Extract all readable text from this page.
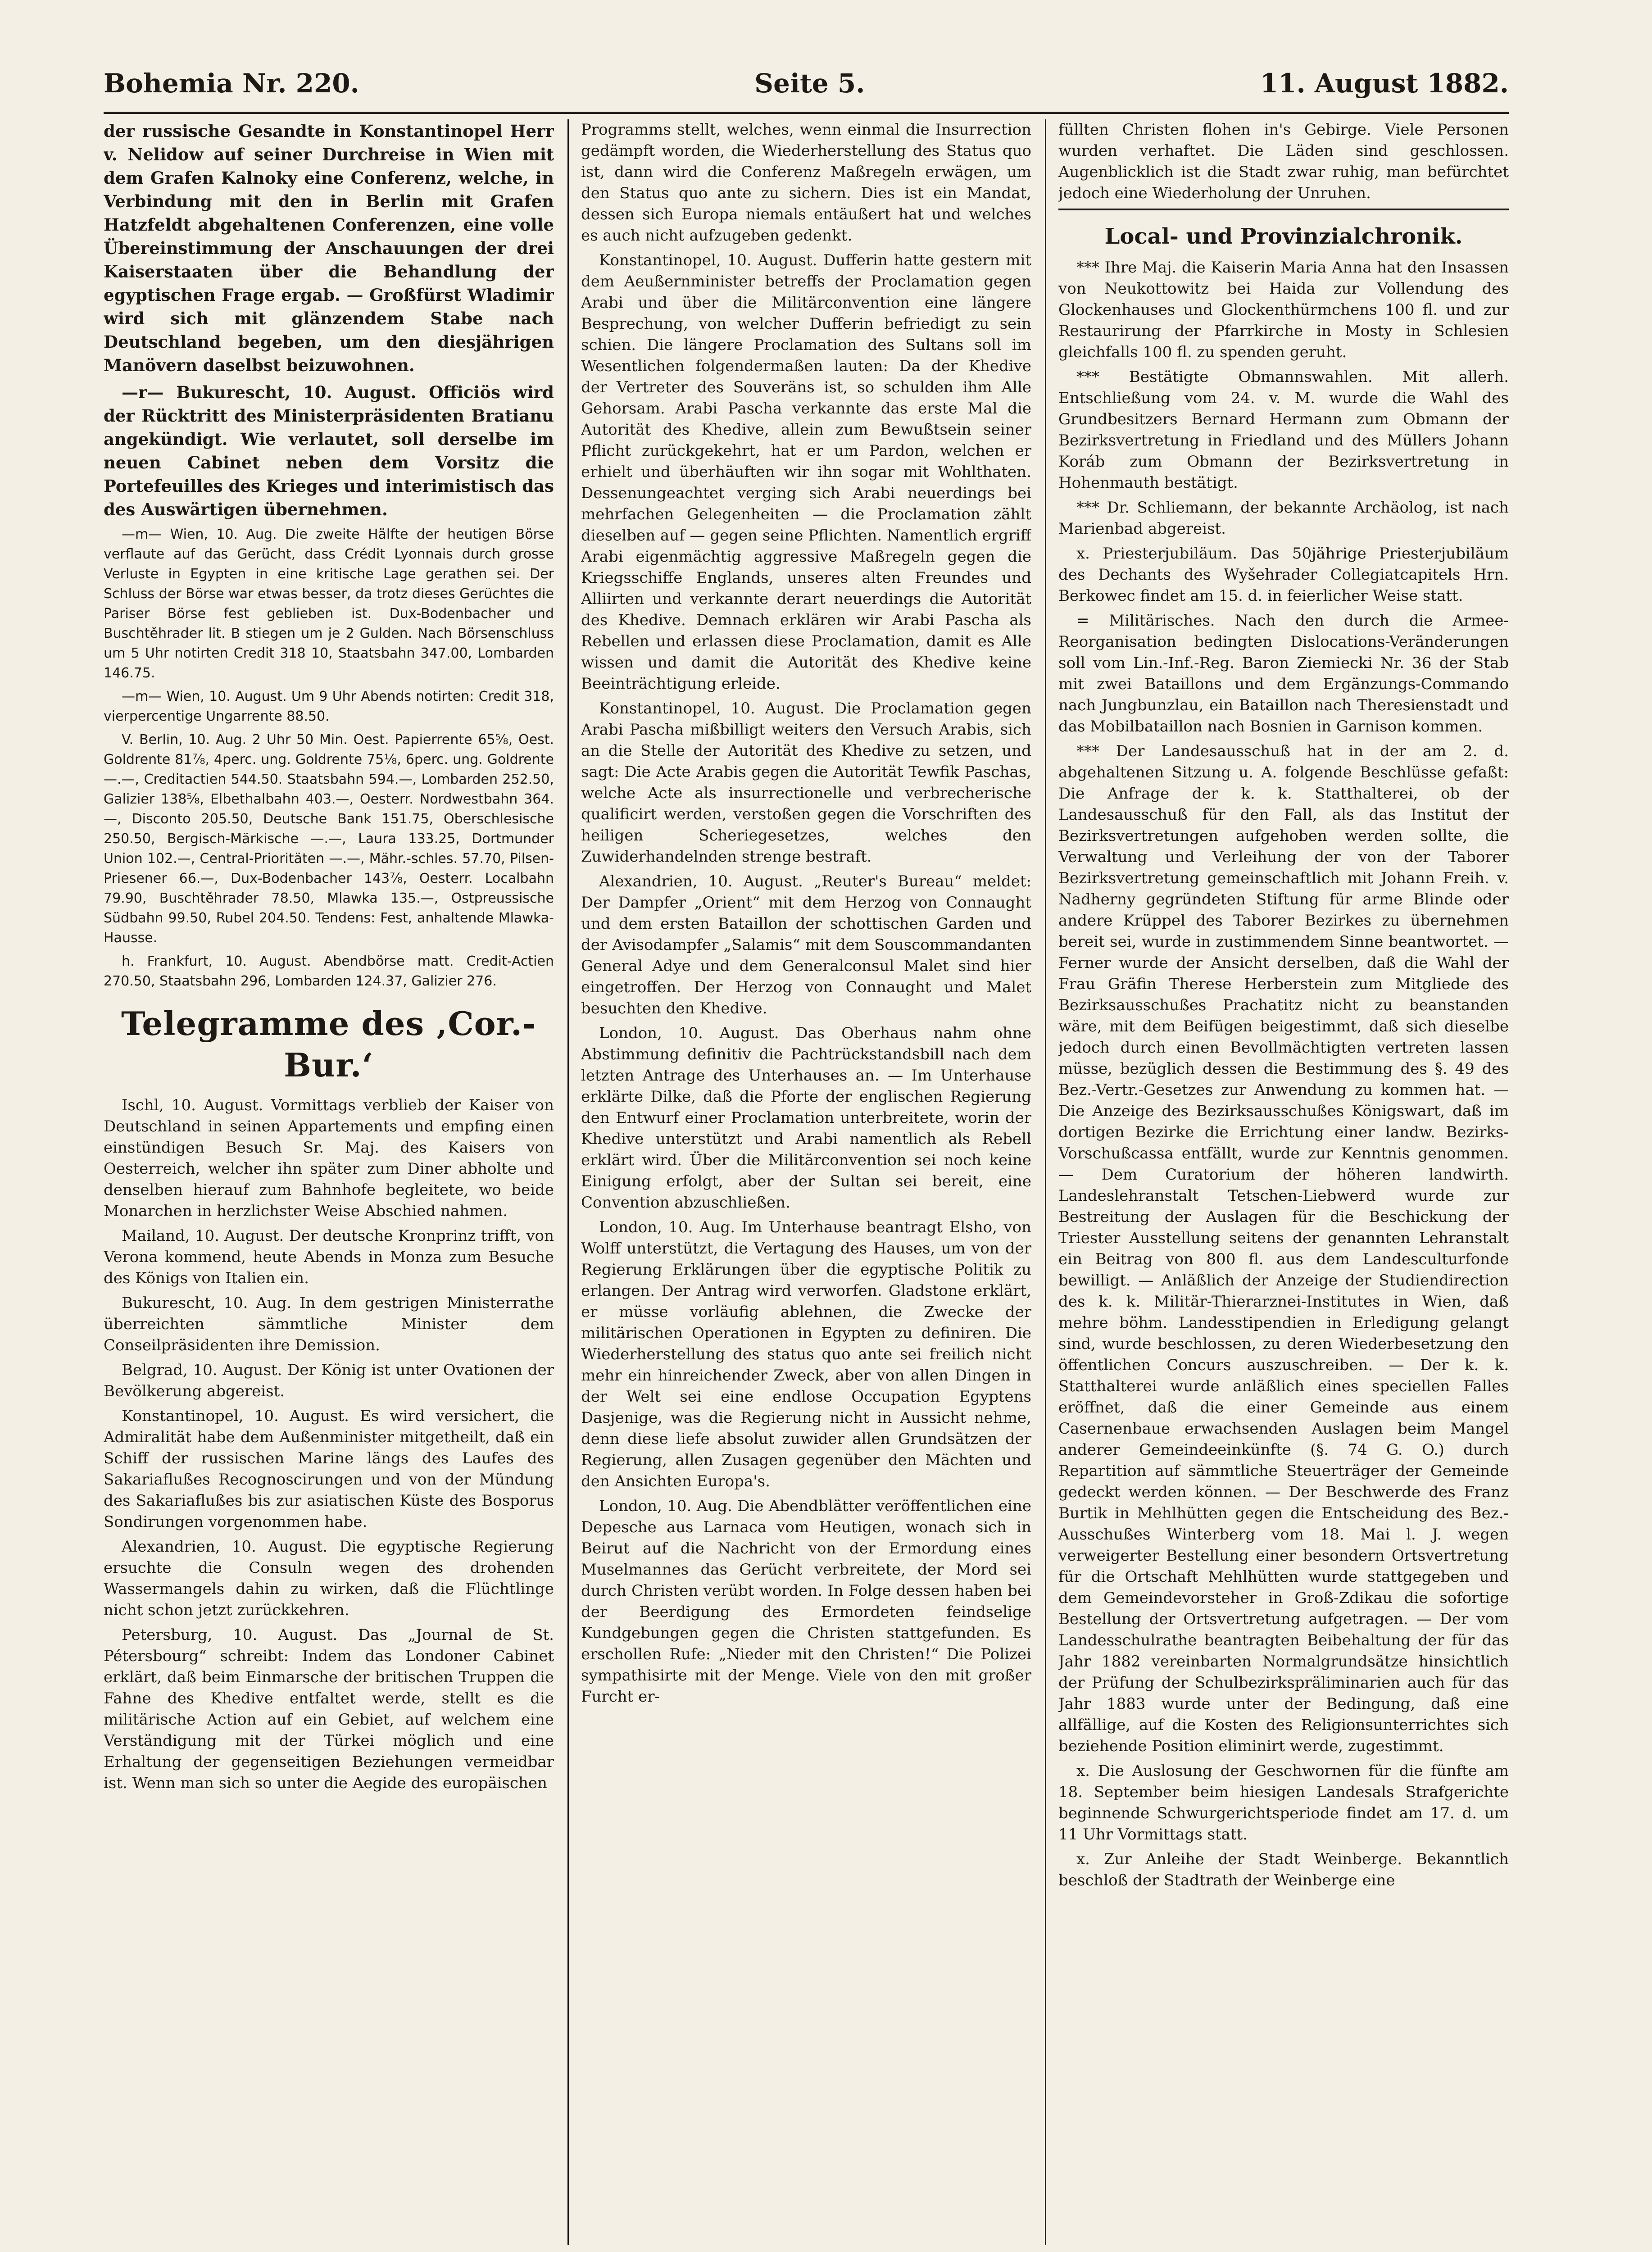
Bohemia Nr. 220.	Seite 5.	11. August 1882.

der russische Gesandte in Konstantinopel Herr v. Nelidow auf seiner Durchreise in Wien mit dem Grafen Kalnoky eine Conferenz, welche, in Verbindung mit den in Berlin mit Grafen Hatzfeldt abgehaltenen Conferenzen, eine volle Übereinstimmung der Anschauungen der drei Kaiserstaaten über die Behandlung der egyptischen Frage ergab. — Großfürst Wladimir wird sich mit glänzendem Stabe nach Deutschland begeben, um den diesjährigen Manövern daselbst beizuwohnen.

—r— Bukurescht, 10. August. Officiös wird der Rücktritt des Ministerpräsidenten Bratianu angekündigt. Wie verlautet, soll derselbe im neuen Cabinet neben dem Vorsitz die Portefeuilles des Krieges und interimistisch das des Auswärtigen übernehmen.

—m— Wien, 10. Aug. Die zweite Hälfte der heutigen Börse verflaute auf das Gerücht, dass Crédit Lyonnais durch grosse Verluste in Egypten in eine kritische Lage gerathen sei. Der Schluss der Börse war etwas besser, da trotz dieses Gerüchtes die Pariser Börse fest geblieben ist. Dux-Bodenbacher und Buschtěhrader lit. B stiegen um je 2 Gulden. Nach Börsenschluss um 5 Uhr notirten Credit 318 10, Staatsbahn 347.00, Lombarden 146.75.

—m— Wien, 10. August. Um 9 Uhr Abends notirten: Credit 318, vierpercentige Ungarrente 88.50.

V. Berlin, 10. Aug. 2 Uhr 50 Min. Oest. Papierrente 65⅝, Oest. Goldrente 81⅞, 4perc. ung. Goldrente 75⅛, 6perc. ung. Goldrente —.—, Creditactien 544.50. Staatsbahn 594.—, Lombarden 252.50, Galizier 138⅝, Elbethalbahn 403.—, Oesterr. Nordwestbahn 364.—, Disconto 205.50, Deutsche Bank 151.75, Oberschlesische 250.50, Bergisch-Märkische —.—, Laura 133.25, Dortmunder Union 102.—, Central-Prioritäten —.—, Mähr.-schles. 57.70, Pilsen-Priesener 66.—, Dux-Bodenbacher 143⅞, Oesterr. Localbahn 79.90, Buschtěhrader 78.50, Mlawka 135.—, Ostpreussische Südbahn 99.50, Rubel 204.50. Tendens: Fest, anhaltende Mlawka-Hausse.

h. Frankfurt, 10. August. Abendbörse matt. Credit-Actien 270.50, Staatsbahn 296, Lombarden 124.37, Galizier 276.

Telegramme des ‚Cor.-Bur.‘

Ischl, 10. August. Vormittags verblieb der Kaiser von Deutschland in seinen Appartements und empfing einen einstündigen Besuch Sr. Maj. des Kaisers von Oesterreich, welcher ihn später zum Diner abholte und denselben hierauf zum Bahnhofe begleitete, wo beide Monarchen in herzlichster Weise Abschied nahmen.

Mailand, 10. August. Der deutsche Kronprinz trifft, von Verona kommend, heute Abends in Monza zum Besuche des Königs von Italien ein.

Bukurescht, 10. Aug. In dem gestrigen Ministerrathe überreichten sämmtliche Minister dem Conseilpräsidenten ihre Demission.

Belgrad, 10. August. Der König ist unter Ovationen der Bevölkerung abgereist.

Konstantinopel, 10. August. Es wird versichert, die Admiralität habe dem Außenminister mitgetheilt, daß ein Schiff der russischen Marine längs des Laufes des Sakariaflußes Recognoscirungen und von der Mündung des Sakariaflußes bis zur asiatischen Küste des Bosporus Sondirungen vorgenommen habe.

Alexandrien, 10. August. Die egyptische Regierung ersuchte die Consuln wegen des drohenden Wassermangels dahin zu wirken, daß die Flüchtlinge nicht schon jetzt zurückkehren.

Petersburg, 10. August. Das „Journal de St. Pétersbourg“ schreibt: Indem das Londoner Cabinet erklärt, daß beim Einmarsche der britischen Truppen die Fahne des Khedive entfaltet werde, stellt es die militärische Action auf ein Gebiet, auf welchem eine Verständigung mit der Türkei möglich und eine Erhaltung der gegenseitigen Beziehungen vermeidbar ist. Wenn man sich so unter die Aegide des europäischen

Programms stellt, welches, wenn einmal die Insurrection gedämpft worden, die Wiederherstellung des Status quo ist, dann wird die Conferenz Maßregeln erwägen, um den Status quo ante zu sichern. Dies ist ein Mandat, dessen sich Europa niemals entäußert hat und welches es auch nicht aufzugeben gedenkt.

Konstantinopel, 10. August. Dufferin hatte gestern mit dem Aeußernminister betreffs der Proclamation gegen Arabi und über die Militärconvention eine längere Besprechung, von welcher Dufferin befriedigt zu sein schien. Die längere Proclamation des Sultans soll im Wesentlichen folgendermaßen lauten: Da der Khedive der Vertreter des Souveräns ist, so schulden ihm Alle Gehorsam. Arabi Pascha verkannte das erste Mal die Autorität des Khedive, allein zum Bewußtsein seiner Pflicht zurückgekehrt, hat er um Pardon, welchen er erhielt und überhäuften wir ihn sogar mit Wohlthaten. Dessenungeachtet verging sich Arabi neuerdings bei mehrfachen Gelegenheiten — die Proclamation zählt dieselben auf — gegen seine Pflichten. Namentlich ergriff Arabi eigenmächtig aggressive Maßregeln gegen die Kriegsschiffe Englands, unseres alten Freundes und Alliirten und verkannte derart neuerdings die Autorität des Khedive. Demnach erklären wir Arabi Pascha als Rebellen und erlassen diese Proclamation, damit es Alle wissen und damit die Autorität des Khedive keine Beeinträchtigung erleide.

Konstantinopel, 10. August. Die Proclamation gegen Arabi Pascha mißbilligt weiters den Versuch Arabis, sich an die Stelle der Autorität des Khedive zu setzen, und sagt: Die Acte Arabis gegen die Autorität Tewfik Paschas, welche Acte als insurrectionelle und verbrecherische qualificirt werden, verstoßen gegen die Vorschriften des heiligen Scheriegesetzes, welches den Zuwiderhandelnden strenge bestraft.

Alexandrien, 10. August. „Reuter's Bureau“ meldet: Der Dampfer „Orient“ mit dem Herzog von Connaught und dem ersten Bataillon der schottischen Garden und der Avisodampfer „Salamis“ mit dem Souscommandanten General Adye und dem Generalconsul Malet sind hier eingetroffen. Der Herzog von Connaught und Malet besuchten den Khedive.

London, 10. August. Das Oberhaus nahm ohne Abstimmung definitiv die Pachtrückstandsbill nach dem letzten Antrage des Unterhauses an. — Im Unterhause erklärte Dilke, daß die Pforte der englischen Regierung den Entwurf einer Proclamation unterbreitete, worin der Khedive unterstützt und Arabi namentlich als Rebell erklärt wird. Über die Militärconvention sei noch keine Einigung erfolgt, aber der Sultan sei bereit, eine Convention abzuschließen.

London, 10. Aug. Im Unterhause beantragt Elsho, von Wolff unterstützt, die Vertagung des Hauses, um von der Regierung Erklärungen über die egyptische Politik zu erlangen. Der Antrag wird verworfen. Gladstone erklärt, er müsse vorläufig ablehnen, die Zwecke der militärischen Operationen in Egypten zu definiren. Die Wiederherstellung des status quo ante sei freilich nicht mehr ein hinreichender Zweck, aber von allen Dingen in der Welt sei eine endlose Occupation Egyptens Dasjenige, was die Regierung nicht in Aussicht nehme, denn diese liefe absolut zuwider allen Grundsätzen der Regierung, allen Zusagen gegenüber den Mächten und den Ansichten Europa's.

London, 10. Aug. Die Abendblätter veröffentlichen eine Depesche aus Larnaca vom Heutigen, wonach sich in Beirut auf die Nachricht von der Ermordung eines Muselmannes das Gerücht verbreitete, der Mord sei durch Christen verübt worden. In Folge dessen haben bei der Beerdigung des Ermordeten feindselige Kundgebungen gegen die Christen stattgefunden. Es erschollen Rufe: „Nieder mit den Christen!“ Die Polizei sympathisirte mit der Menge. Viele von den mit großer Furcht er-

füllten Christen flohen in's Gebirge. Viele Personen wurden verhaftet. Die Läden sind geschlossen. Augenblicklich ist die Stadt zwar ruhig, man befürchtet jedoch eine Wiederholung der Unruhen.

Local- und Provinzialchronik.

*** Ihre Maj. die Kaiserin Maria Anna hat den Insassen von Neukottowitz bei Haida zur Vollendung des Glockenhauses und Glockenthürmchens 100 fl. und zur Restaurirung der Pfarrkirche in Mosty in Schlesien gleichfalls 100 fl. zu spenden geruht.

*** Bestätigte Obmannswahlen. Mit allerh. Entschließung vom 24. v. M. wurde die Wahl des Grundbesitzers Bernard Hermann zum Obmann der Bezirksvertretung in Friedland und des Müllers Johann Koráb zum Obmann der Bezirksvertretung in Hohenmauth bestätigt.

*** Dr. Schliemann, der bekannte Archäolog, ist nach Marienbad abgereist.

x. Priesterjubiläum. Das 50jährige Priesterjubiläum des Dechants des Wyšehrader Collegiatcapitels Hrn. Berkowec findet am 15. d. in feierlicher Weise statt.

= Militärisches. Nach den durch die Armee-Reorganisation bedingten Dislocations-Veränderungen soll vom Lin.-Inf.-Reg. Baron Ziemiecki Nr. 36 der Stab mit zwei Bataillons und dem Ergänzungs-Commando nach Jungbunzlau, ein Bataillon nach Theresienstadt und das Mobilbataillon nach Bosnien in Garnison kommen.

*** Der Landesausschuß hat in der am 2. d. abgehaltenen Sitzung u. A. folgende Beschlüsse gefaßt: Die Anfrage der k. k. Statthalterei, ob der Landesausschuß für den Fall, als das Institut der Bezirksvertretungen aufgehoben werden sollte, die Verwaltung und Verleihung der von der Taborer Bezirksvertretung gemeinschaftlich mit Johann Freih. v. Nadherny gegründeten Stiftung für arme Blinde oder andere Krüppel des Taborer Bezirkes zu übernehmen bereit sei, wurde in zustimmendem Sinne beantwortet. — Ferner wurde der Ansicht derselben, daß die Wahl der Frau Gräfin Therese Herberstein zum Mitgliede des Bezirksausschußes Prachatitz nicht zu beanstanden wäre, mit dem Beifügen beigestimmt, daß sich dieselbe jedoch durch einen Bevollmächtigten vertreten lassen müsse, bezüglich dessen die Bestimmung des §. 49 des Bez.-Vertr.-Gesetzes zur Anwendung zu kommen hat. — Die Anzeige des Bezirksausschußes Königswart, daß im dortigen Bezirke die Errichtung einer landw. Bezirks-Vorschußcassa entfällt, wurde zur Kenntnis genommen. — Dem Curatorium der höheren landwirth. Landeslehranstalt Tetschen-Liebwerd wurde zur Bestreitung der Auslagen für die Beschickung der Triester Ausstellung seitens der genannten Lehranstalt ein Beitrag von 800 fl. aus dem Landesculturfonde bewilligt. — Anläßlich der Anzeige der Studiendirection des k. k. Militär-Thierarznei-Institutes in Wien, daß mehre böhm. Landesstipendien in Erledigung gelangt sind, wurde beschlossen, zu deren Wiederbesetzung den öffentlichen Concurs auszuschreiben. — Der k. k. Statthalterei wurde anläßlich eines speciellen Falles eröffnet, daß die einer Gemeinde aus einem Casernenbaue erwachsenden Auslagen beim Mangel anderer Gemeindeeinkünfte (§. 74 G. O.) durch Repartition auf sämmtliche Steuerträger der Gemeinde gedeckt werden können. — Der Beschwerde des Franz Burtik in Mehlhütten gegen die Entscheidung des Bez.-Ausschußes Winterberg vom 18. Mai l. J. wegen verweigerter Bestellung einer besondern Ortsvertretung für die Ortschaft Mehlhütten wurde stattgegeben und dem Gemeindevorsteher in Groß-Zdikau die sofortige Bestellung der Ortsvertretung aufgetragen. — Der vom Landesschulrathe beantragten Beibehaltung der für das Jahr 1882 vereinbarten Normalgrundsätze hinsichtlich der Prüfung der Schulbezirkspräliminarien auch für das Jahr 1883 wurde unter der Bedingung, daß eine allfällige, auf die Kosten des Religionsunterrichtes sich beziehende Position eliminirt werde, zugestimmt.

x. Die Auslosung der Geschwornen für die fünfte am 18. September beim hiesigen Landesals Strafgerichte beginnende Schwurgerichtsperiode findet am 17. d. um 11 Uhr Vormittags statt.

x. Zur Anleihe der Stadt Weinberge. Bekanntlich beschloß der Stadtrath der Weinberge eine
